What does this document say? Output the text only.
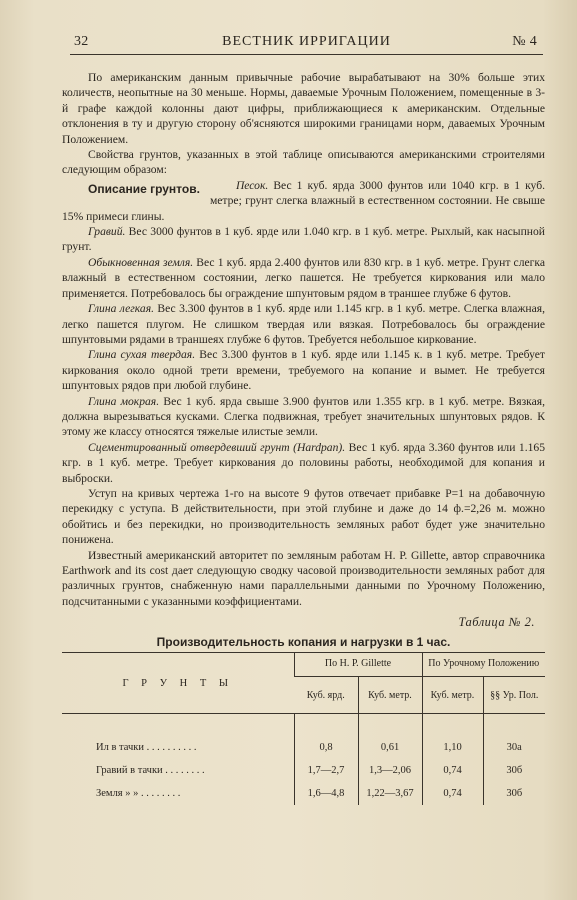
32	ВЕСТНИК ИРРИГАЦИИ	№ 4

По американским данным привычные рабочие вырабатывают на 30% больше этих количеств, неопытные на 30 меньше. Нормы, даваемые Урочным Положением, помещенные в 3-й графе каждой колонны дают цифры, приближающиеся к американским. Отдельные отклонения в ту и другую сторону об'ясняются широкими границами норм, даваемых Урочным Положением.

Свойства грунтов, указанных в этой таблице описываются американскими строителями следующим образом:

Описание грунтов.	Песок. Вес 1 куб. ярда 3000 фунтов или 1040 кгр. в 1 куб. метре; грунт слегка влажный в естественном состоянии. Не свыше 15% примеси глины.

Гравий. Вес 3000 фунтов в 1 куб. ярде или 1.040 кгр. в 1 куб. метре. Рыхлый, как насыпной грунт.

Обыкновенная земля. Вес 1 куб. ярда 2.400 фунтов или 830 кгр. в 1 куб. метре. Грунт слегка влажный в естественном состоянии, легко пашется. Не требуется киркования или мало применяется. Потребовалось бы ограждение шпунтовым рядом в траншее глубже 6 футов.

Глина легкая. Вес 3.300 фунтов в 1 куб. ярде или 1.145 кгр. в 1 куб. метре. Слегка влажная, легко пашется плугом. Не слишком твердая или вязкая. Потребовалось бы ограждение шпунтовыми рядами в траншеях глубже 6 футов. Требуется небольшое киркование.

Глина сухая твердая. Вес 3.300 фунтов в 1 куб. ярде или 1.145 к. в 1 куб. метре. Требует киркования около одной трети времени, требуемого на копание и вымет. Не требуется шпунтовых рядов при любой глубине.

Глина мокрая. Вес 1 куб. ярда свыше 3.900 фунтов или 1.355 кгр. в 1 куб. метре. Вязкая, должна вырезываться кусками. Слегка подвижная, требует значительных шпунтовых рядов. К этому же классу относятся тяжелые илистые земли.

Сцементированный отвердевший грунт (Hardpan). Вес 1 куб. ярда 3.360 фунтов или 1.165 кгр. в 1 куб. метре. Требует киркования до половины работы, необходимой для копания и выброски.

Уступ на кривых чертежа 1-го на высоте 9 футов отвечает прибавке Р=1 на добавочную перекидку с уступа. В действительности, при этой глубине и даже до 14 ф.=2,26 м. можно обойтись и без перекидки, но производительность земляных работ будет уже значительно понижена.

Известный американский авторитет по земляным работам Н. Р. Gillette, автор справочника Earthwork and its cost дает следующую сводку часовой производительности земляных работ для различных грунтов, снабженную нами параллельными данными по Урочному Положению, подсчитанными с указанными коэффициентами.

Таблица № 2.
Производительность копания и нагрузки в 1 час.
Г Р У Н Т Ы	По Н. Р. Gillette		По Урочному Положению	
	Куб. ярд.	Куб. метр.	Куб. метр.	§§ Ур. Пол.
Ил в тачки . . . . . . . . . .	0,8	0,61	1,10	30а
Гравий в тачки . . . . . . . .	1,7—2,7	1,3—2,06	0,74	30б
Земля » » . . . . . . . .	1,6—4,8	1,22—3,67	0,74	30б
